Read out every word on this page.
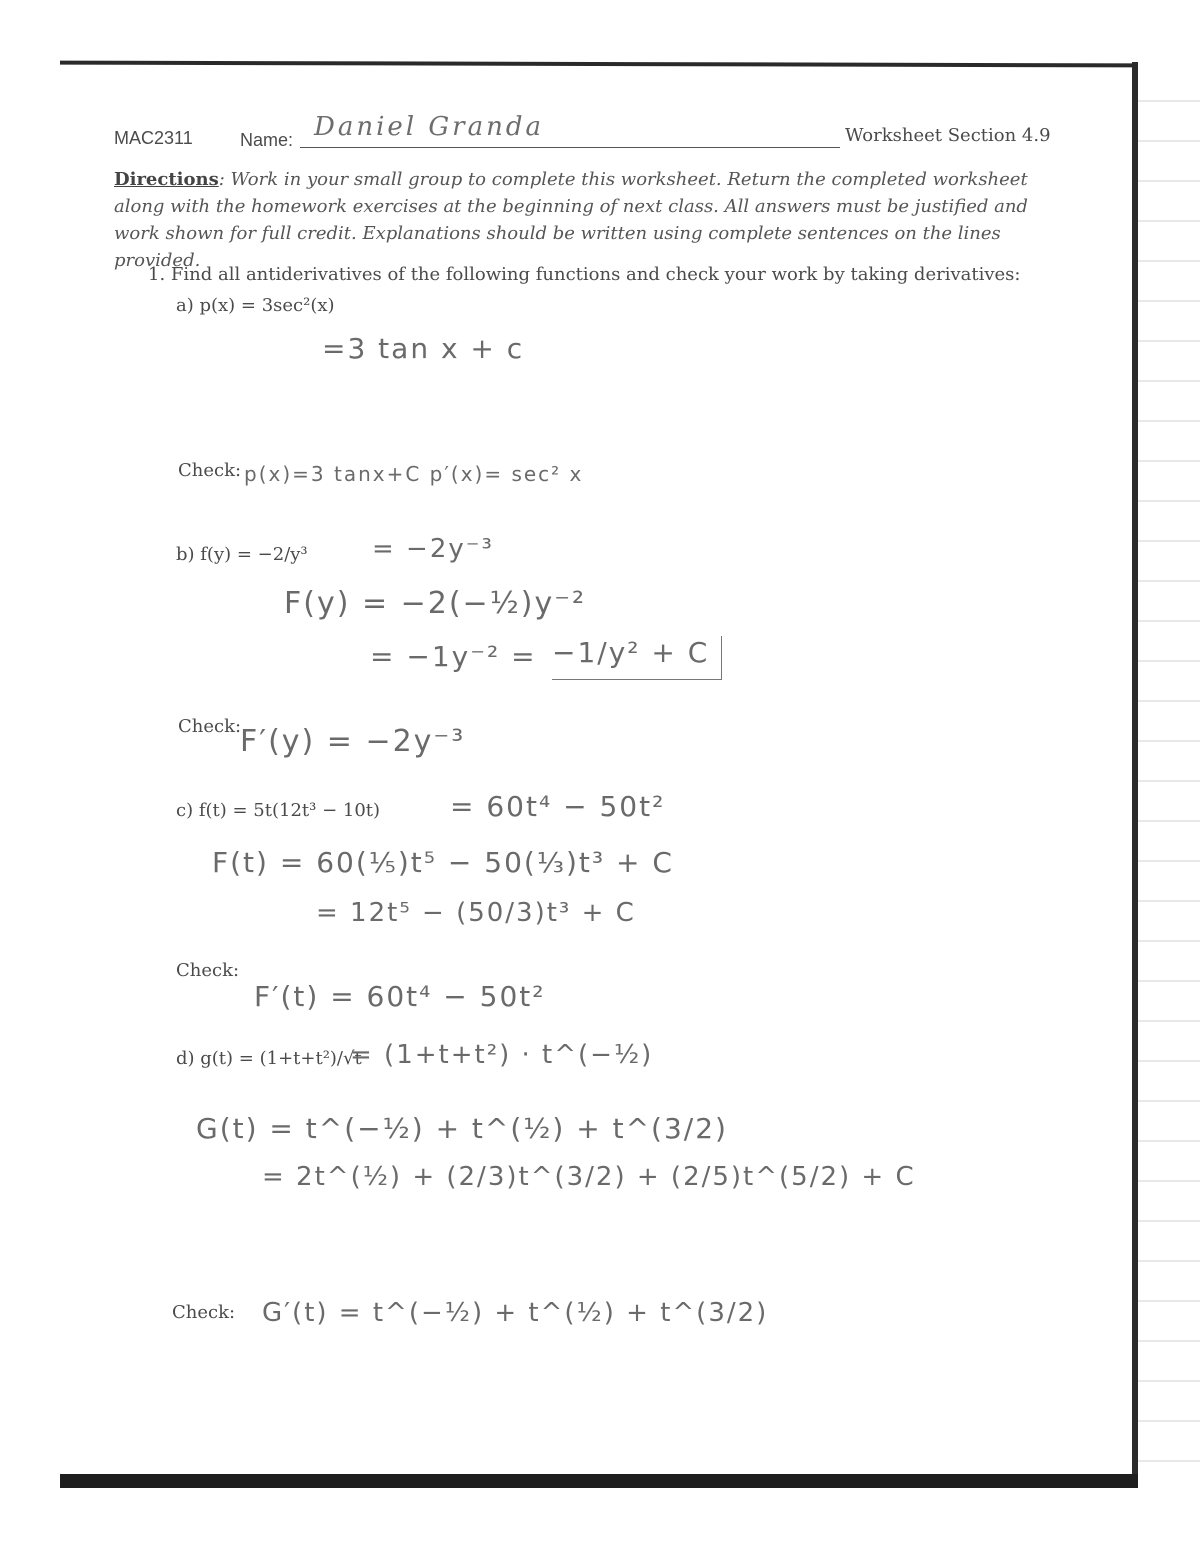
MAC2311	Name: Daniel Granda	Worksheet Section 4.9
Directions: Work in your small group to complete this worksheet. Return the completed worksheet along with the homework exercises at the beginning of next class. All answers must be justified and work shown for full credit. Explanations should be written using complete sentences on the lines provided.
1. Find all antiderivatives of the following functions and check your work by taking derivatives:
a) p(x) = 3sec²(x)
=3 tan x + c
Check: p(x)=3 tanx+C p′(x)= sec² x
b) f(y) = −2/y³ = −2y⁻³
F(y) = −2(−½)y⁻²
= −1y⁻² = −1/y² + C
Check:
F′(y) = −2y⁻³
c) f(t) = 5t(12t³ − 10t) = 60t⁴ − 50t²
F(t) = 60(⅕)t⁵ − 50(⅓)t³ + C
= 12t⁵ − (50/3)t³ + C
Check:
F′(t) = 60t⁴ − 50t²
d) g(t) = (1+t+t²)/√t
= (1+t+t²) · t^(−½)
G(t) = t^(−½) + t^(½) + t^(3/2)
= 2t^(½) + (2/3)t^(3/2) + (2/5)t^(5/2) + C
Check: G′(t) = t^(−½) + t^(½) + t^(3/2)
